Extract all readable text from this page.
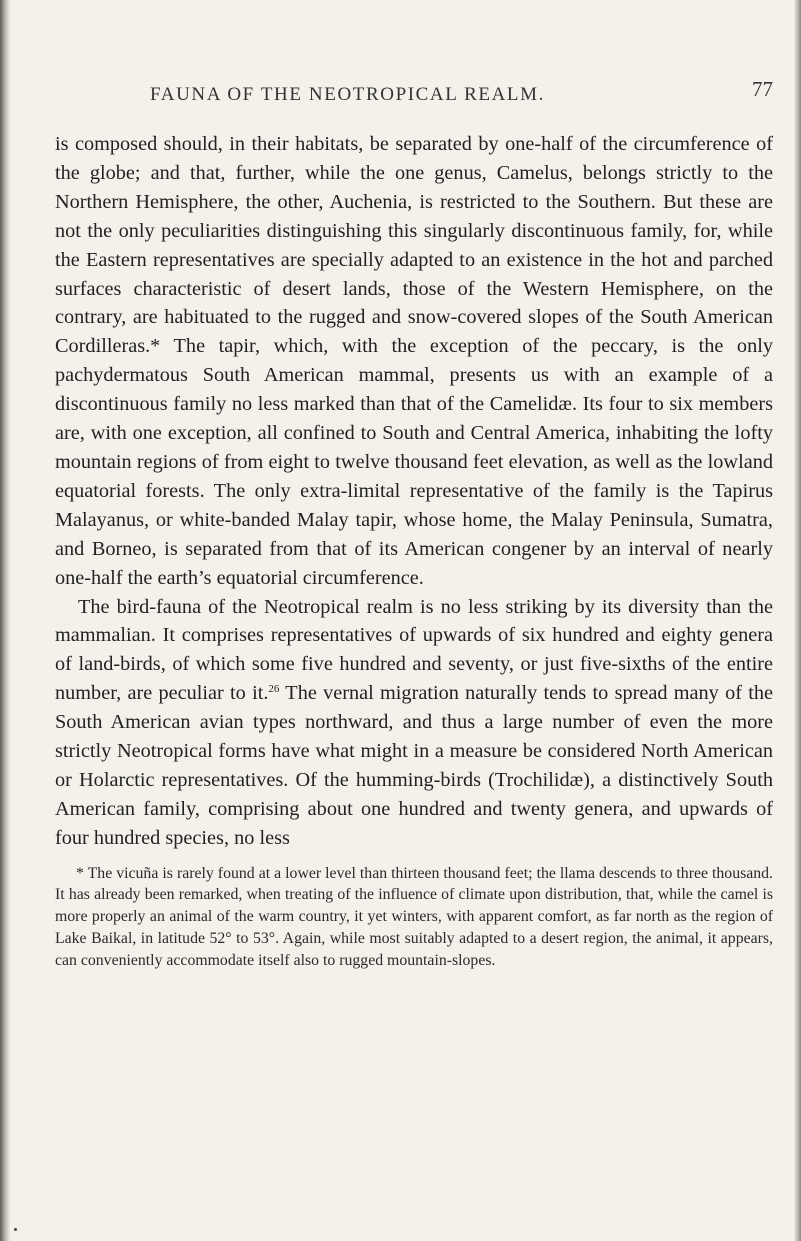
FAUNA OF THE NEOTROPICAL REALM.	77

is composed should, in their habitats, be separated by one-half of the circumference of the globe; and that, further, while the one genus, Camelus, belongs strictly to the Northern Hemisphere, the other, Auchenia, is restricted to the Southern. But these are not the only peculiarities distinguishing this singularly discontinuous family, for, while the Eastern representatives are specially adapted to an existence in the hot and parched surfaces characteristic of desert lands, those of the Western Hemisphere, on the contrary, are habituated to the rugged and snow-covered slopes of the South American Cordilleras.* The tapir, which, with the exception of the peccary, is the only pachydermatous South American mammal, presents us with an example of a discontinuous family no less marked than that of the Camelidæ. Its four to six members are, with one exception, all confined to South and Central America, inhabiting the lofty mountain regions of from eight to twelve thousand feet elevation, as well as the lowland equatorial forests. The only extra-limital representative of the family is the Tapirus Malayanus, or white-banded Malay tapir, whose home, the Malay Peninsula, Sumatra, and Borneo, is separated from that of its American congener by an interval of nearly one-half the earth’s equatorial circumference.

The bird-fauna of the Neotropical realm is no less striking by its diversity than the mammalian. It comprises representatives of upwards of six hundred and eighty genera of land-birds, of which some five hundred and seventy, or just five-sixths of the entire number, are peculiar to it.$^{26}$ The vernal migration naturally tends to spread many of the South American avian types northward, and thus a large number of even the more strictly Neotropical forms have what might in a measure be considered North American or Holarctic representatives. Of the humming-birds (Trochilidæ), a distinctively South American family, comprising about one hundred and twenty genera, and upwards of four hundred species, no less

* The vicuña is rarely found at a lower level than thirteen thousand feet; the llama descends to three thousand. It has already been remarked, when treating of the influence of climate upon distribution, that, while the camel is more properly an animal of the warm country, it yet winters, with apparent comfort, as far north as the region of Lake Baikal, in latitude 52° to 53°. Again, while most suitably adapted to a desert region, the animal, it appears, can conveniently accommodate itself also to rugged mountain-slopes.
